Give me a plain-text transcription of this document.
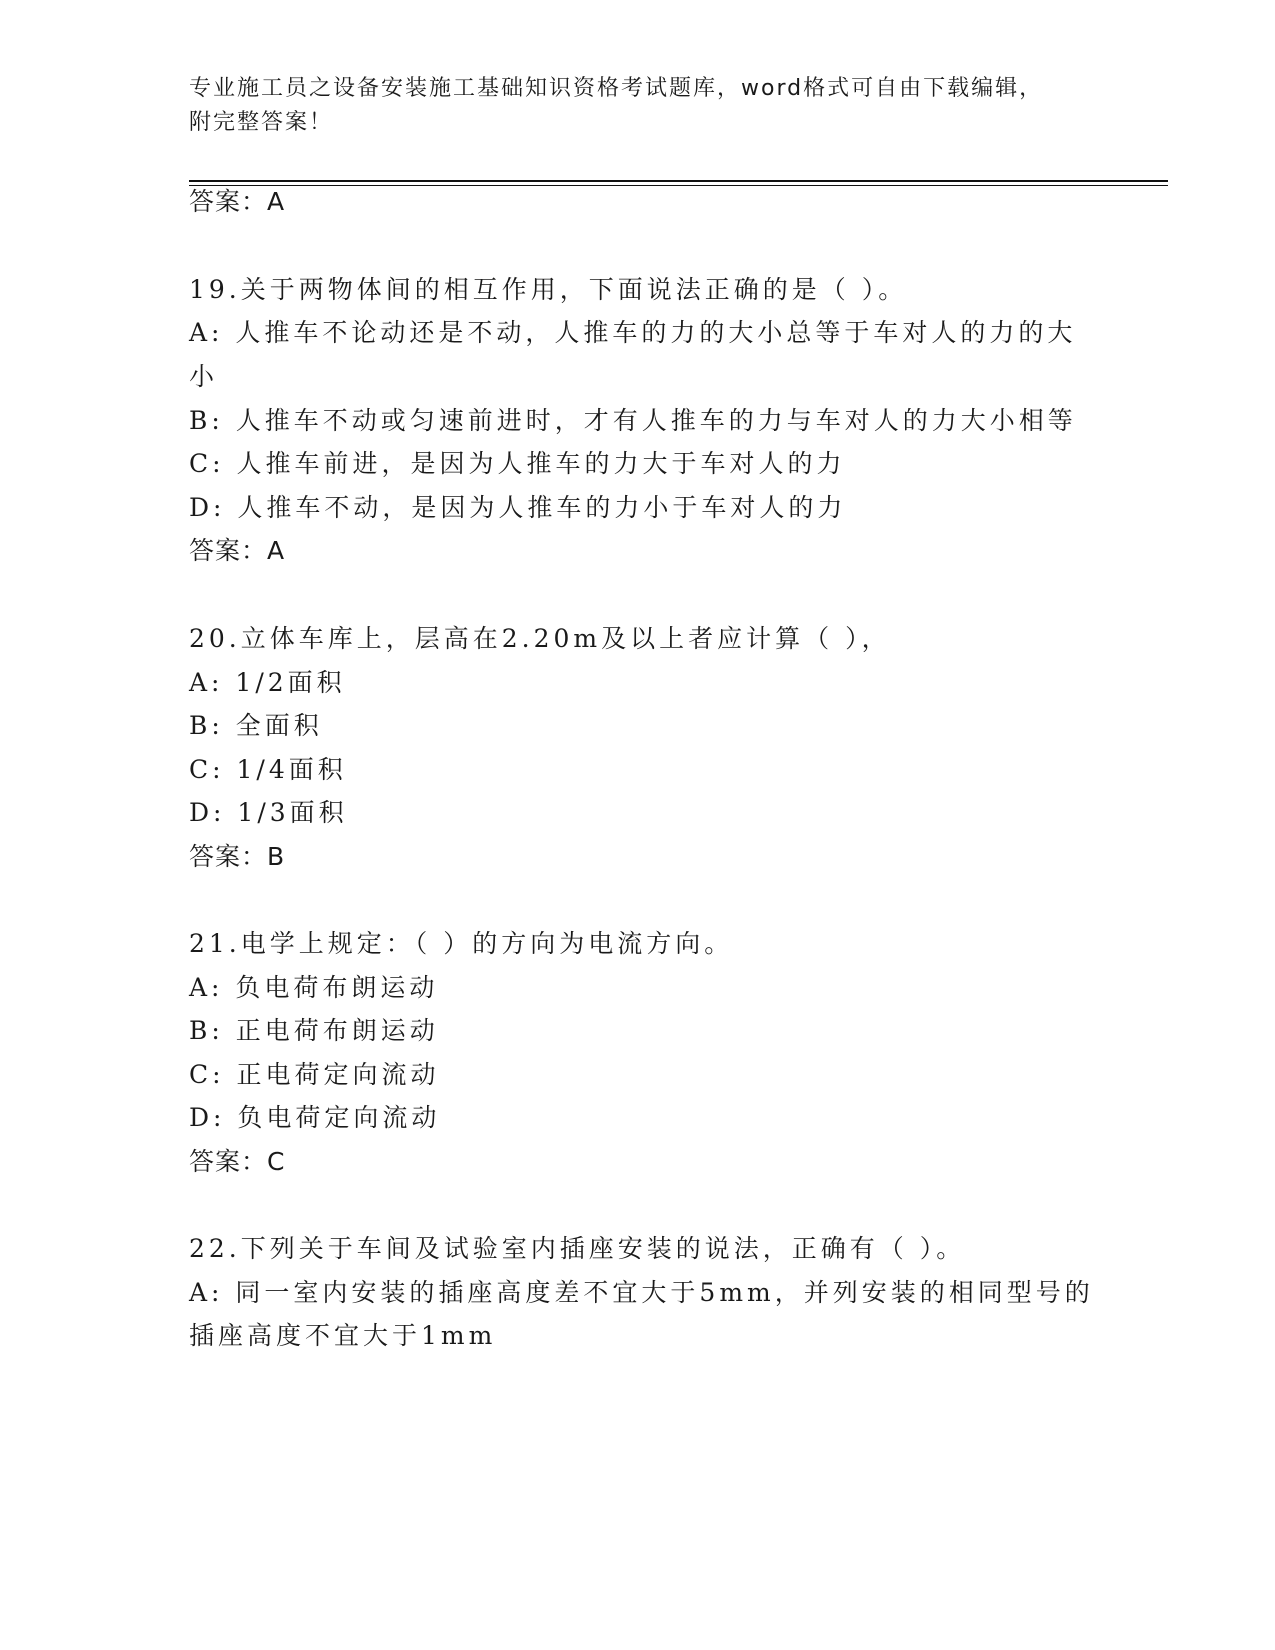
专业施工员之设备安装施工基础知识资格考试题库，word格式可自由下载编辑，
附完整答案！
答案：A
19.关于两物体间的相互作用，下面说法正确的是（ ）。
A: 人推车不论动还是不动，人推车的力的大小总等于车对人的力的大
小
B: 人推车不动或匀速前进时，才有人推车的力与车对人的力大小相等
C: 人推车前进，是因为人推车的力大于车对人的力
D: 人推车不动，是因为人推车的力小于车对人的力
答案：A
20.立体车库上，层高在2.20m及以上者应计算（ ），
A: 1/2面积
B: 全面积
C: 1/4面积
D: 1/3面积
答案：B
21.电学上规定：（ ）的方向为电流方向。
A: 负电荷布朗运动
B: 正电荷布朗运动
C: 正电荷定向流动
D: 负电荷定向流动
答案：C
22.下列关于车间及试验室内插座安装的说法，正确有（ ）。
A: 同一室内安装的插座高度差不宜大于5mm，并列安装的相同型号的
插座高度不宜大于1mm
